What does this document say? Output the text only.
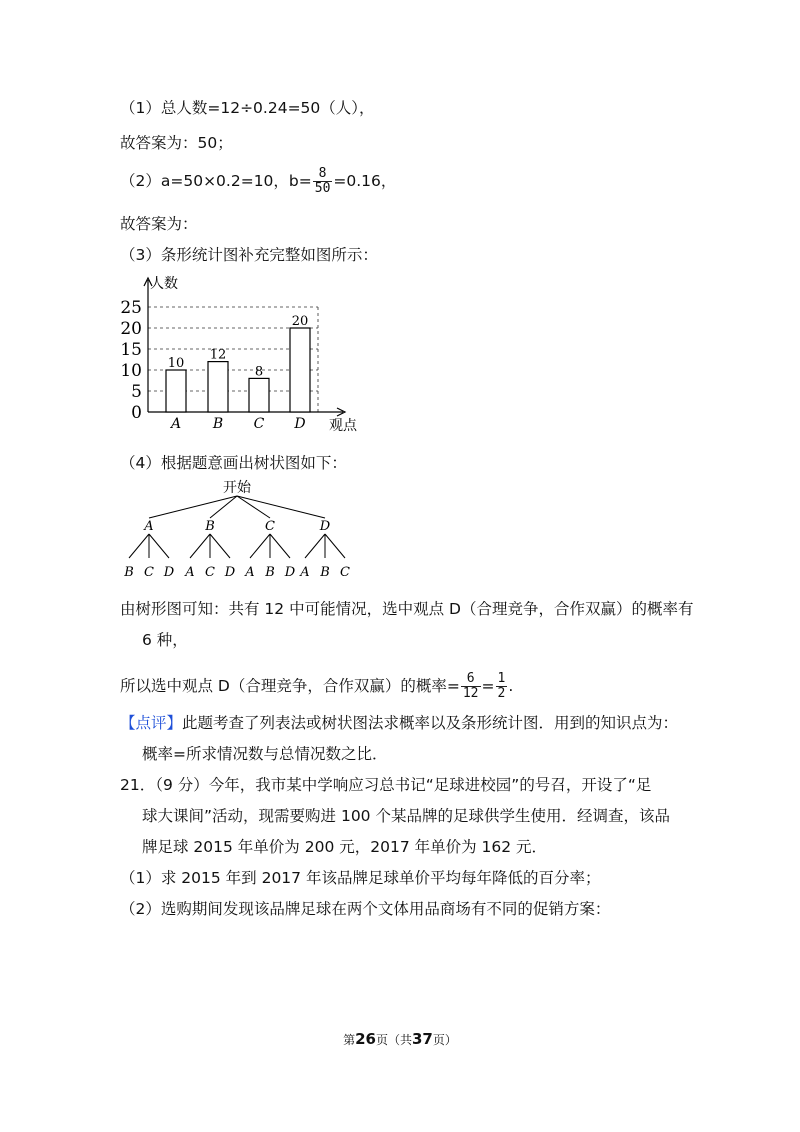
（1）总人数=12÷0.24=50（人），
故答案为：50；
（2）a=50×0.2=10，$b= \frac{8}{50} =0.16$，
故答案为：
（3）条形统计图补充完整如图所示：
0
5
10
15
20
25
人数
观点
10
A
12
B
8
C
20
D
（4）根据题意画出树状图如下：
开始
A
B C D
B
A C D
C
A B D
D
A B C
由树形图可知：共有 12 中可能情况，选中观点 D（合理竞争，合作双赢）的概率有
6 种，
所以选中观点 D（合理竞争，合作双赢）的概率= $\frac{6}{12} = \frac{1}{2}$ .
【点评】此题考查了列表法或树状图法求概率以及条形统计图．用到的知识点为：
概率=所求情况数与总情况数之比．
21．（9 分）今年，我市某中学响应习总书记“足球进校园”的号召，开设了“足
球大课间”活动，现需要购进 100 个某品牌的足球供学生使用．经调查，该品
牌足球 2015 年单价为 200 元，2017 年单价为 162 元．
（1）求 2015 年到 2017 年该品牌足球单价平均每年降低的百分率；
（2）选购期间发现该品牌足球在两个文体用品商场有不同的促销方案：
第26页（共37页）
